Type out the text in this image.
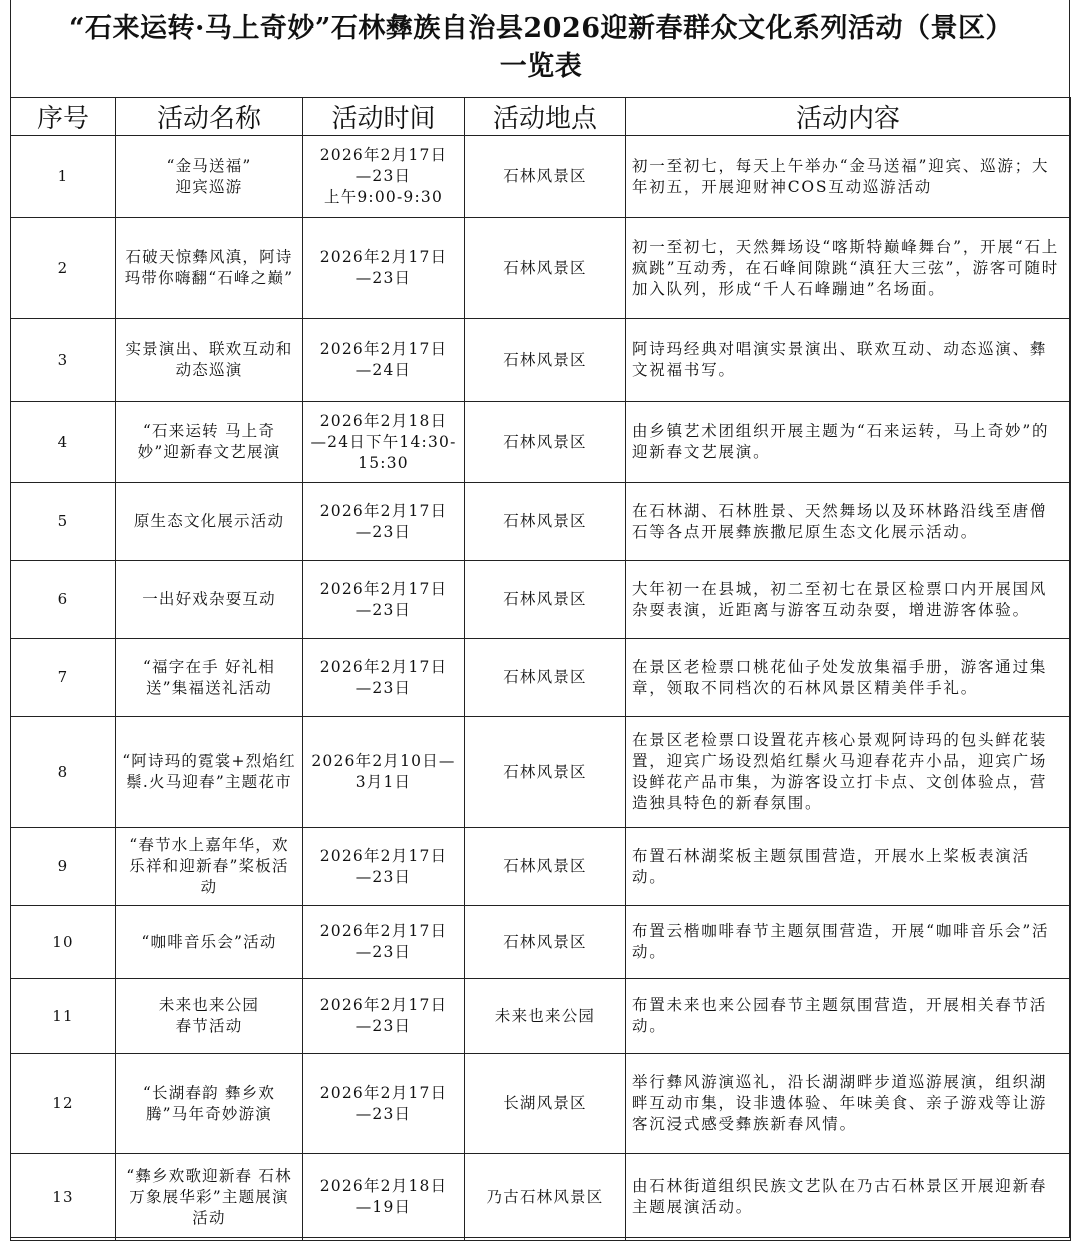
“石来运转·马上奇妙”石林彝族自治县2026迎新春群众文化系列活动（景区）
一览表
序号	活动名称	活动时间	活动地点	活动内容
1	“金马送福”
迎宾巡游	2026年2月17日
—23日
上午9:00-9:30	石林风景区	初一至初七，每天上午举办“金马送福”迎宾、巡游；大年初五，开展迎财神COS互动巡游活动
2	石破天惊彝风滇，阿诗玛带你嗨翻“石峰之巅”	2026年2月17日
—23日	石林风景区	初一至初七，天然舞场设“喀斯特巅峰舞台”，开展“石上疯跳”互动秀，在石峰间隙跳“滇狂大三弦”，游客可随时加入队列，形成“千人石峰蹦迪”名场面。
3	实景演出、联欢互动和动态巡演	2026年2月17日
—24日	石林风景区	阿诗玛经典对唱演实景演出、联欢互动、动态巡演、彝文祝福书写。
4	“石来运转 马上奇妙”迎新春文艺展演	2026年2月18日
—24日下午14:30-
15:30	石林风景区	由乡镇艺术团组织开展主题为“石来运转，马上奇妙”的迎新春文艺展演。
5	原生态文化展示活动	2026年2月17日
—23日	石林风景区	在石林湖、石林胜景、天然舞场以及环林路沿线至唐僧石等各点开展彝族撒尼原生态文化展示活动。
6	一出好戏杂耍互动	2026年2月17日
—23日	石林风景区	大年初一在县城，初二至初七在景区检票口内开展国风杂耍表演，近距离与游客互动杂耍，增进游客体验。
7	“福字在手 好礼相送”集福送礼活动	2026年2月17日
—23日	石林风景区	在景区老检票口桃花仙子处发放集福手册，游客通过集章，领取不同档次的石林风景区精美伴手礼。
8	“阿诗玛的霓裳+烈焰红鬃.火马迎春”主题花市	2026年2月10日—3月1日	石林风景区	在景区老检票口设置花卉核心景观阿诗玛的包头鲜花装置，迎宾广场设烈焰红鬃火马迎春花卉小品，迎宾广场设鲜花产品市集，为游客设立打卡点、文创体验点，营造独具特色的新春氛围。
9	“春节水上嘉年华，欢乐祥和迎新春”桨板活动	2026年2月17日
—23日	石林风景区	布置石林湖桨板主题氛围营造，开展水上桨板表演活动。
10	“咖啡音乐会”活动	2026年2月17日
—23日	石林风景区	布置云楷咖啡春节主题氛围营造，开展“咖啡音乐会”活动。
11	未来也来公园
春节活动	2026年2月17日
—23日	未来也来公园	布置未来也来公园春节主题氛围营造，开展相关春节活动。
12	“长湖春韵 彝乡欢腾”马年奇妙游演	2026年2月17日
—23日	长湖风景区	举行彝风游演巡礼，沿长湖湖畔步道巡游展演，组织湖畔互动市集，设非遗体验、年味美食、亲子游戏等让游客沉浸式感受彝族新春风情。
13	“彝乡欢歌迎新春 石林万象展华彩”主题展演活动	2026年2月18日
—19日	乃古石林风景区	由石林街道组织民族文艺队在乃古石林景区开展迎新春主题展演活动。
